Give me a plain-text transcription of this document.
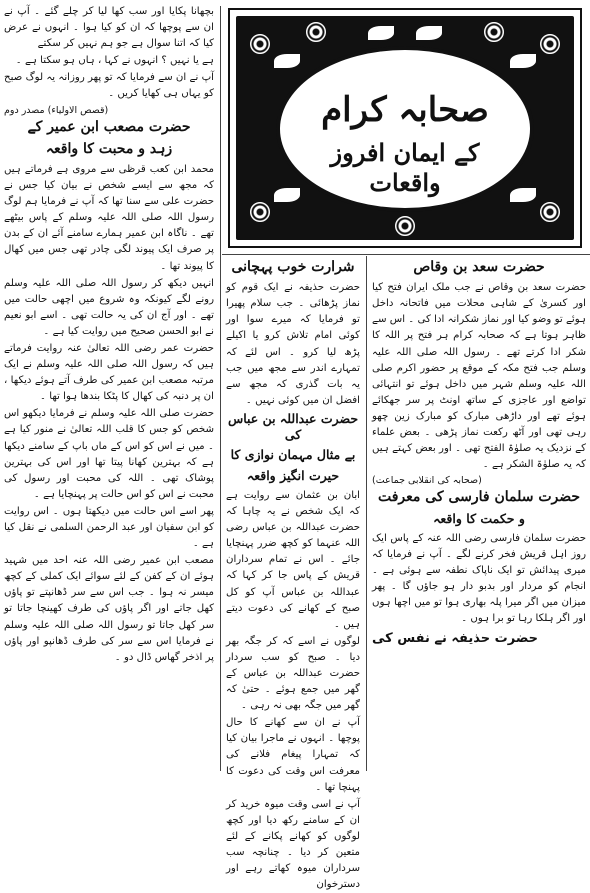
حضرت سعد بن وقاص

حضرت سعد بن وقاص نے جب ملک ایران فتح کیا اور کسریٰ کے شاہی محلات میں فاتحانہ داخل ہوئے تو وضو کیا اور نماز شکرانہ ادا کی ۔ اس سے ظاہر ہوتا ہے کہ صحابہ کرام ہر فتح پر اللہ کا شکر ادا کرتے تھے ۔ رسول اللہ صلی اللہ علیہ وسلم جب فتح مکہ کے موقع پر حضور اکرم صلی اللہ علیہ وسلم شہر میں داخل ہوئے تو انتہائی تواضع اور عاجزی کے ساتھ اونٹ پر سر جھکائے ہوئے تھے اور داڑھی مبارک کو مبارک زین چھو رہی تھی اور آٹھ رکعت نماز پڑھی ۔ بعض علماء کے نزدیک یہ صلوٰۃ الفتح تھی ۔ اور بعض کہتے ہیں کہ یہ صلوٰۃ الشکر ہے ۔

(صحابہ کی انقلابی جماعت)
حضرت سلمان فارسی کی معرفت
و حکمت کا واقعہ

حضرت سلمان فارسی رضی اللہ عنہ کے پاس ایک روز اہل قریش فخر کرنے لگے ۔ آپ نے فرمایا کہ میری پیدائش تو ایک ناپاک نطفہ سے ہوئی ہے ۔ انجام کو مردار اور بدبو دار ہو جاؤں گا ۔ پھر میزان میں اگر میرا پلہ بھاری ہوا تو میں اچھا ہوں اور اگر ہلکا رہا تو برا ہوں ۔

حضرت حذیفہ نے نفس کی
شرارت خوب پہچانی

حضرت حذیفہ نے ایک قوم کو نماز پڑھائی ۔ جب سلام پھیرا تو فرمایا کہ میرے سوا اور کوئی امام تلاش کرو یا اکیلے پڑھ لیا کرو ۔ اس لئے کہ تمہارے اندر سے مجھ میں جب یہ بات گذری کہ مجھ سے افضل ان میں کوئی نہیں ۔

حضرت عبداللہ بن عباس کی
بے مثال مہمان نوازی کا
حیرت انگیز واقعہ

ابان بن عثمان سے روایت ہے کہ ایک شخص نے یہ چاہا کہ حضرت عبداللہ بن عباس رضی اللہ عنہما کو کچھ ضرر پہنچایا جائے ۔ اس نے تمام سرداران قریش کے پاس جا کر کہا کہ عبداللہ بن عباس آپ کو کل صبح کے کھانے کی دعوت دیتے ہیں ۔

لوگوں نے اسے کہ کر جگہ بھر دیا ۔ صبح کو سب سردار حضرت عبداللہ بن عباس کے گھر میں جمع ہوئے ۔ حتیٰ کہ گھر میں جگہ بھی نہ رہی ۔

آپ نے ان سے کھانے کا حال پوچھا ۔ انہوں نے ماجرا بیان کیا کہ تمہارا پیغام فلانے کی معرفت اس وقت کی دعوت کا پہنچا تھا ۔

آپ نے اسی وقت میوہ خرید کر ان کے سامنے رکھ دیا اور کچھ لوگوں کو کھانے پکانے کے لئے متعین کر دیا ۔ چنانچہ سب سرداران میوہ کھاتے رہے اور دسترخوان

بچھانا پکایا اور سب کھا لیا کر چلے گئے ۔ آپ نے ان سے پوچھا کہ ان کو کیا ہوا ۔ انہوں نے عرض کیا کہ اتنا سوال ہے جو ہم نہیں کر سکتے

ہے یا نہیں ؟ انہوں نے کہا ، ہاں ہو سکتا ہے ۔

آپ نے ان سے فرمایا کہ تو پھر روزانہ یہ لوگ صبح کو یہاں ہی کھایا کریں ۔

(قصص الاولیاء) مصدر دوم
حضرت مصعب ابن عمیر کے
زہد و محبت کا واقعہ

محمد ابن کعب قرظی سے مروی ہے فرماتے ہیں کہ مجھ سے ایسے شخص نے بیان کیا جس نے حضرت علی سے سنا تھا کہ آپ نے فرمایا ہم لوگ رسول اللہ صلی اللہ علیہ وسلم کے پاس بیٹھے تھے ۔ ناگاہ ابن عمیر ہمارے سامنے آئے ان کے بدن پر صرف ایک پیوند لگی چادر تھی جس میں کھال کا پیوند تھا ۔

انہیں دیکھ کر رسول اللہ صلی اللہ علیہ وسلم رونے لگے کیونکہ وہ شروع میں اچھی حالت میں تھے ۔ اور آج ان کی یہ حالت تھی ۔ اسے ابو نعیم نے ابو الحسن صحیح میں روایت کیا ہے ۔

حضرت عمر رضی اللہ تعالیٰ عنہ روایت فرماتے ہیں کہ رسول اللہ صلی اللہ علیہ وسلم نے ایک مرتبہ مصعب ابن عمیر کی طرف آتے ہوئے دیکھا ، ان پر دنبہ کی کھال کا پٹکا بندھا ہوا تھا ۔

حضرت صلی اللہ علیہ وسلم نے فرمایا دیکھو اس شخص کو جس کا قلب اللہ تعالیٰ نے منور کیا ہے ۔ میں نے اس کو اس کے ماں باپ کے سامنے دیکھا ہے کہ بہترین کھانا پیتا تھا اور اس کی بہترین پوشاک تھی ۔ اللہ کی محبت اور رسول کی محبت نے اس کو اس حالت پر پہنچایا ہے ۔

پھر اسے اس حالت میں دیکھتا ہوں ۔ اس روایت کو ابن سفیان اور عبد الرحمن السلمی نے نقل کیا ہے ۔

مصعب ابن عمیر رضی اللہ عنہ احد میں شہید ہوئے ان کے کفن کے لئے سوائے ایک کملی کے کچھ میسر نہ ہوا ۔ جب اس سے سر ڈھانپتے تو پاؤں کھل جاتے اور اگر پاؤں کی طرف کھینچا جاتا تو سر کھل جاتا تو رسول اللہ صلی اللہ علیہ وسلم نے فرمایا اس سے سر کی طرف ڈھانپو اور پاؤں پر اذخر گھاس ڈال دو ۔

صحابہ کرام
کے ایمان افروز واقعات
